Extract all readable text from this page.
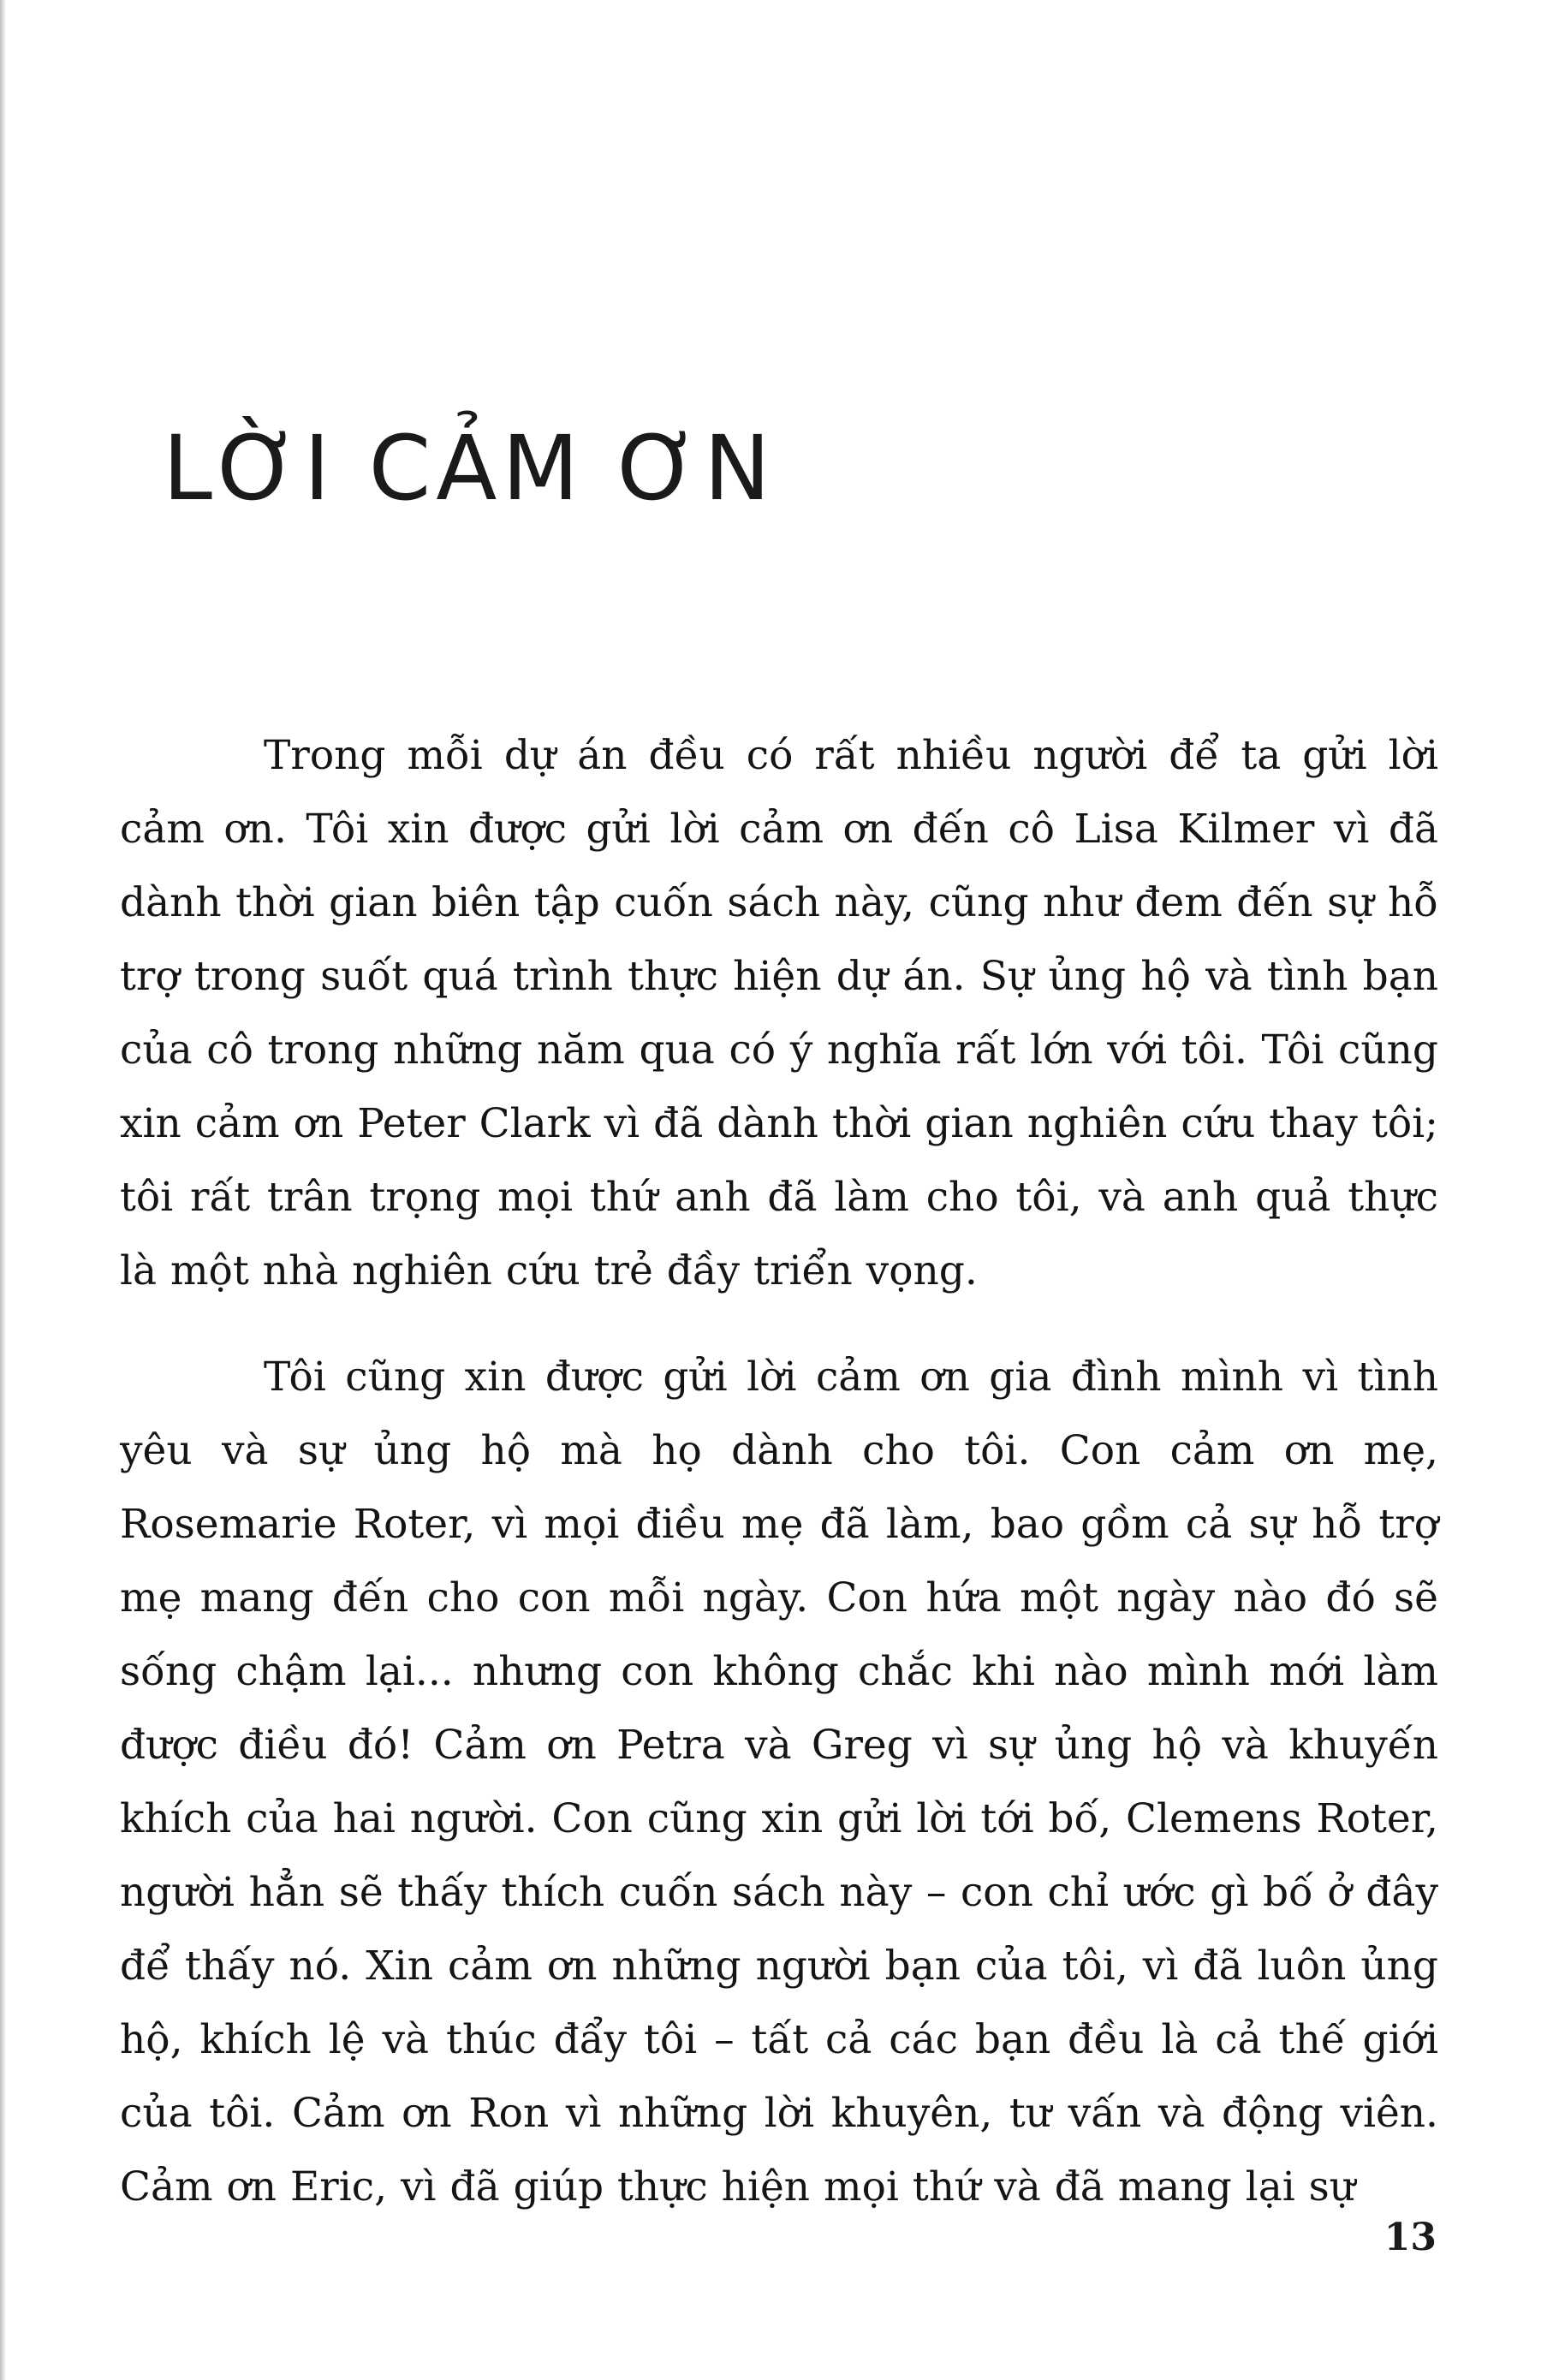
LỜI CẢM ƠN

Trong mỗi dự án đều có rất nhiều người để ta gửi lời cảm ơn. Tôi xin được gửi lời cảm ơn đến cô Lisa Kilmer vì đã dành thời gian biên tập cuốn sách này, cũng như đem đến sự hỗ trợ trong suốt quá trình thực hiện dự án. Sự ủng hộ và tình bạn của cô trong những năm qua có ý nghĩa rất lớn với tôi. Tôi cũng xin cảm ơn Peter Clark vì đã dành thời gian nghiên cứu thay tôi; tôi rất trân trọng mọi thứ anh đã làm cho tôi, và anh quả thực là một nhà nghiên cứu trẻ đầy triển vọng.

Tôi cũng xin được gửi lời cảm ơn gia đình mình vì tình yêu và sự ủng hộ mà họ dành cho tôi. Con cảm ơn mẹ, Rosemarie Roter, vì mọi điều mẹ đã làm, bao gồm cả sự hỗ trợ mẹ mang đến cho con mỗi ngày. Con hứa một ngày nào đó sẽ sống chậm lại... nhưng con không chắc khi nào mình mới làm được điều đó! Cảm ơn Petra và Greg vì sự ủng hộ và khuyến khích của hai người. Con cũng xin gửi lời tới bố, Clemens Roter, người hẳn sẽ thấy thích cuốn sách này – con chỉ ước gì bố ở đây để thấy nó. Xin cảm ơn những người bạn của tôi, vì đã luôn ủng hộ, khích lệ và thúc đẩy tôi – tất cả các bạn đều là cả thế giới của tôi. Cảm ơn Ron vì những lời khuyên, tư vấn và động viên. Cảm ơn Eric, vì đã giúp thực hiện mọi thứ và đã mang lại sự

13
